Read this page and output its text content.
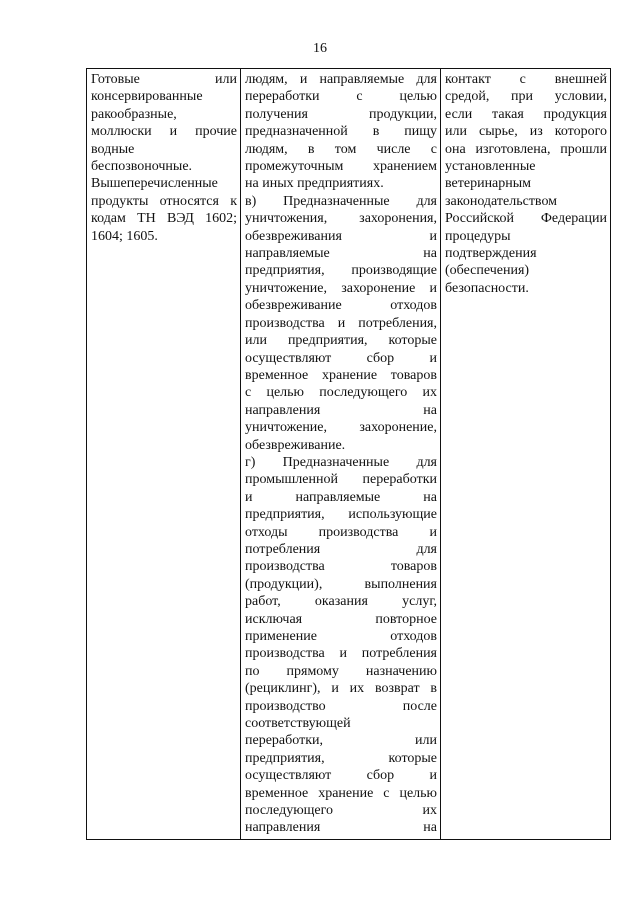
16
Готовые или
консервированные
ракообразные,
моллюски и прочие
водные
беспозвоночные.
Вышеперечисленные
продукты относятся к
кодам ТН ВЭД 1602;
1604; 1605.

людям, и направляемые для
переработки с целью
получения продукции,
предназначенной в пищу
людям, в том числе с
промежуточным хранением
на иных предприятиях.
в) Предназначенные для
уничтожения, захоронения,
обезвреживания и
направляемые на
предприятия, производящие
уничтожение, захоронение и
обезвреживание отходов
производства и потребления,
или предприятия, которые
осуществляют сбор и
временное хранение товаров
с целью последующего их
направления на
уничтожение, захоронение,
обезвреживание.
г) Предназначенные для
промышленной переработки
и направляемые на
предприятия, использующие
отходы производства и
потребления для
производства товаров
(продукции), выполнения
работ, оказания услуг,
исключая повторное
применение отходов
производства и потребления
по прямому назначению
(рециклинг), и их возврат в
производство после
соответствующей
переработки, или
предприятия, которые
осуществляют сбор и
временное хранение с целью
последующего их
направления на

контакт с внешней
средой, при условии,
если такая продукция
или сырье, из которого
она изготовлена, прошли
установленные
ветеринарным
законодательством
Российской Федерации
процедуры
подтверждения
(обеспечения)
безопасности.
